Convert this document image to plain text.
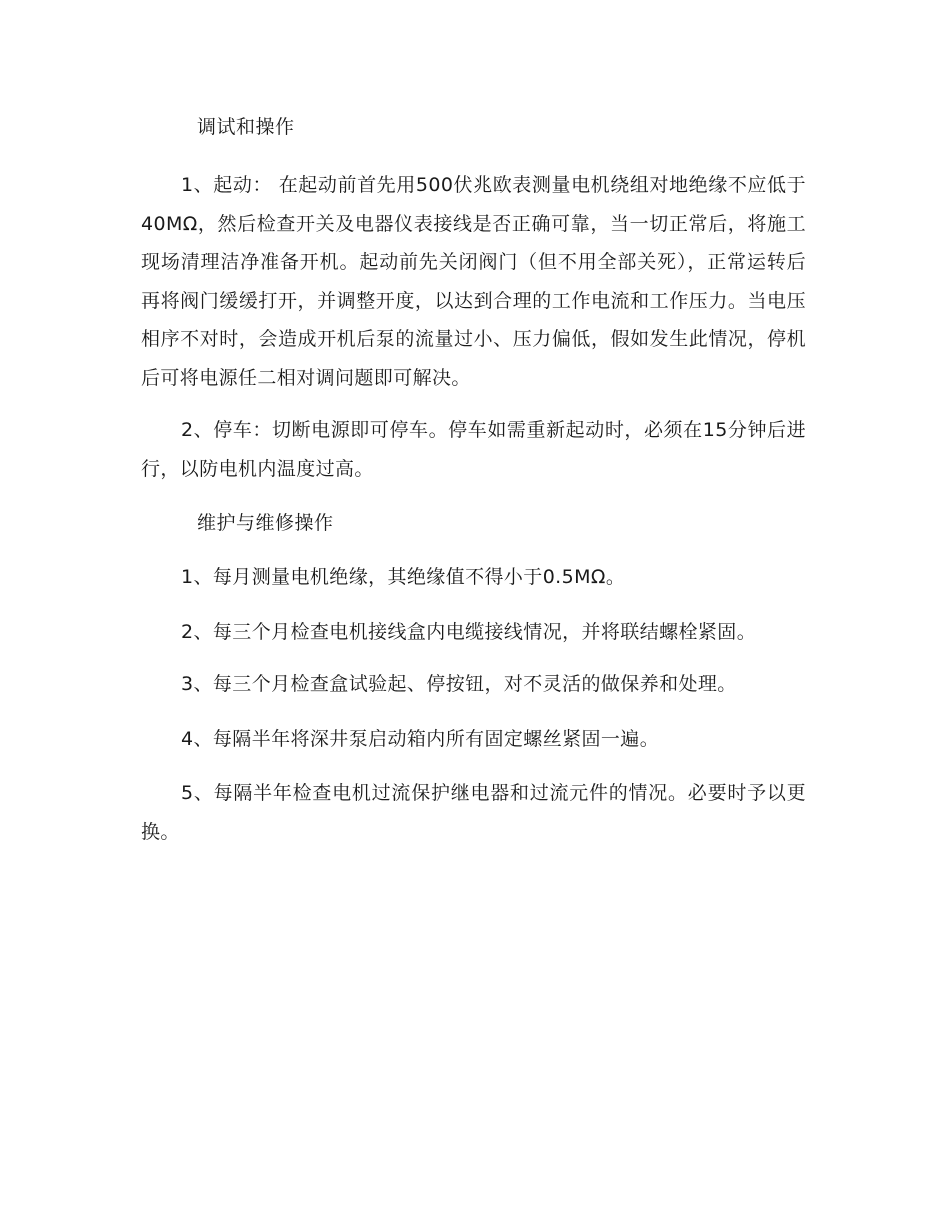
调试和操作

1、起动： 在起动前首先用500伏兆欧表测量电机绕组对地绝缘不应低于40MΩ，然后检查开关及电器仪表接线是否正确可靠，当一切正常后，将施工现场清理洁净准备开机。起动前先关闭阀门（但不用全部关死），正常运转后再将阀门缓缓打开，并调整开度，以达到合理的工作电流和工作压力。当电压相序不对时，会造成开机后泵的流量过小、压力偏低，假如发生此情况，停机后可将电源任二相对调问题即可解决。

2、停车：切断电源即可停车。停车如需重新起动时，必须在15分钟后进行，以防电机内温度过高。

维护与维修操作

1、每月测量电机绝缘，其绝缘值不得小于0.5MΩ。

2、每三个月检查电机接线盒内电缆接线情况，并将联结螺栓紧固。

3、每三个月检查盒试验起、停按钮，对不灵活的做保养和处理。

4、每隔半年将深井泵启动箱内所有固定螺丝紧固一遍。

5、每隔半年检查电机过流保护继电器和过流元件的情况。必要时予以更换。
